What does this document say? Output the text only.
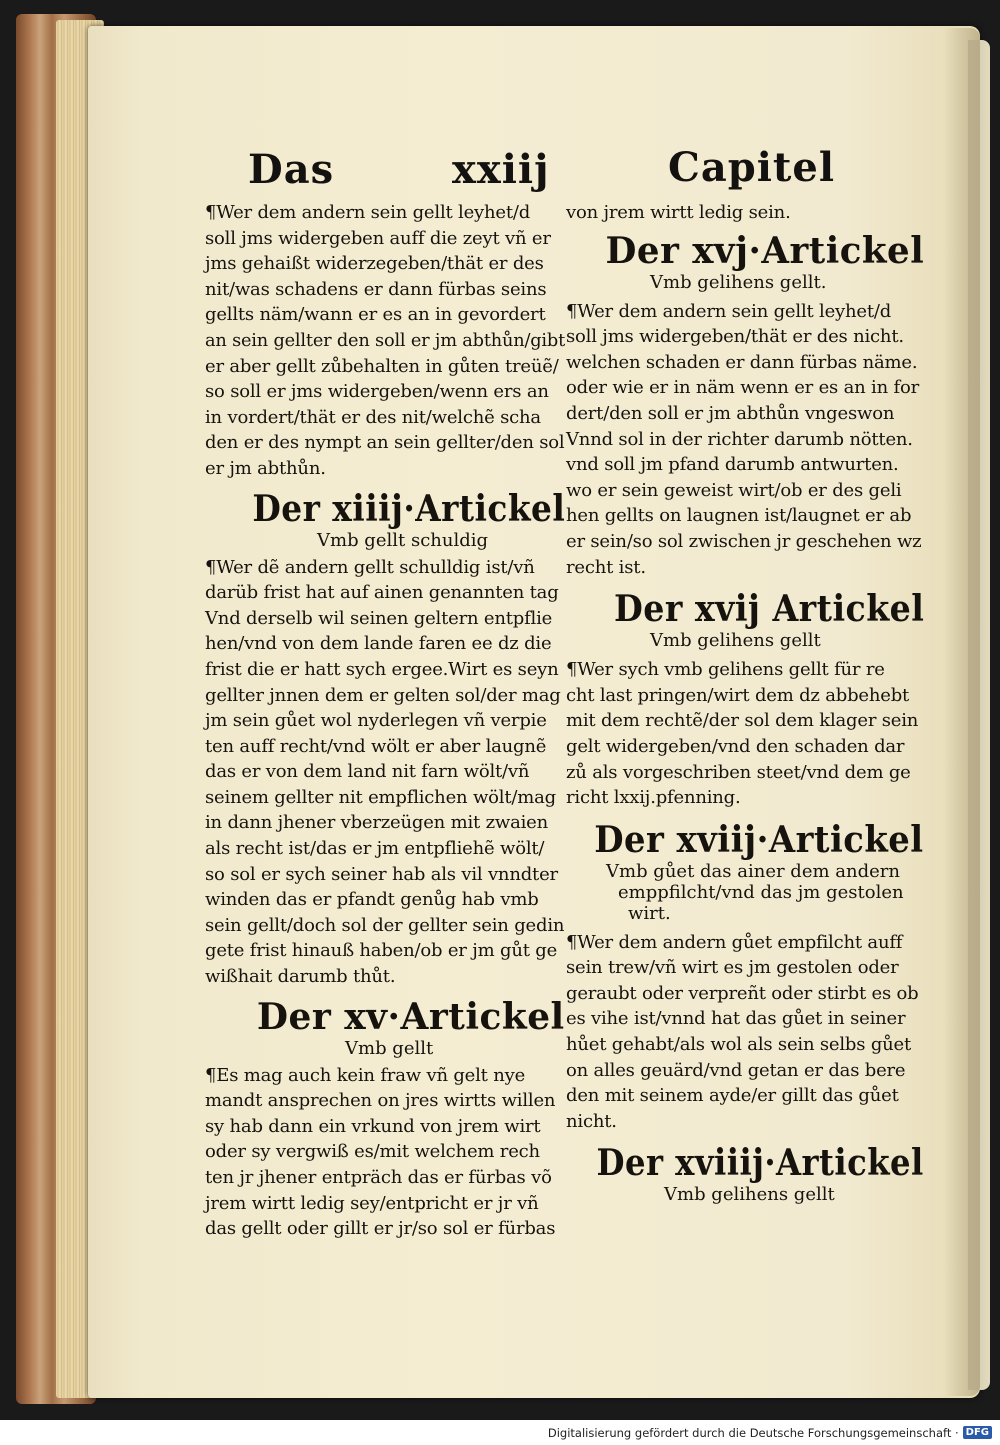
Das	xxiij	Capitel
¶Wer dem andern sein gellt leyhet/d
soll jms widergeben auff die zeyt vñ er
jms gehaißt widerzegeben/thät er des
nit/was schadens er dann fürbas seins
gellts näm/wann er es an in gevordert
an sein gellter den soll er jm abthůn/gibt
er aber gellt zůbehalten in gůten treüẽ/
so soll er jms widergeben/wenn ers an
in vordert/thät er des nit/welchẽ scha
den er des nympt an sein gellter/den sol
er jm abthůn.
Der xiiij·Artickel
Vmb gellt schuldig
¶Wer dẽ andern gellt schulldig ist/vñ
darüb frist hat auf ainen genannten tag
Vnd derselb wil seinen geltern entpflie
hen/vnd von dem lande faren ee dz die
frist die er hatt sych ergee.Wirt es seyn
gellter jnnen dem er gelten sol/der mag
jm sein gůet wol nyderlegen vñ verpie
ten auff recht/vnd wölt er aber laugnẽ
das er von dem land nit farn wölt/vñ
seinem gellter nit empflichen wölt/mag
in dann jhener vberzeügen mit zwaien
als recht ist/das er jm entpfliehẽ wölt/
so sol er sych seiner hab als vil vnndter
winden das er pfandt genůg hab vmb
sein gellt/doch sol der gellter sein gedin
gete frist hinauß haben/ob er jm gůt ge
wißhait darumb thůt.
Der xv·Artickel
Vmb gellt
¶Es mag auch kein fraw vñ gelt nye
mandt ansprechen on jres wirtts willen
sy hab dann ein vrkund von jrem wirt
oder sy vergwiß es/mit welchem rech
ten jr jhener entpräch das er fürbas võ
jrem wirtt ledig sey/entpricht er jr vñ
das gellt oder gillt er jr/so sol er fürbas
von jrem wirtt ledig sein.
Der xvj·Artickel
Vmb gelihens gellt.
¶Wer dem andern sein gellt leyhet/d
soll jms widergeben/thät er des nicht.
welchen schaden er dann fürbas näme.
oder wie er in näm wenn er es an in for
dert/den soll er jm abthůn vngeswon
Vnnd sol in der richter darumb nötten.
vnd soll jm pfand darumb antwurten.
wo er sein geweist wirt/ob er des geli
hen gellts on laugnen ist/laugnet er ab
er sein/so sol zwischen jr geschehen wz
recht ist.
Der xvij Artickel
Vmb gelihens gellt
¶Wer sych vmb gelihens gellt für re
cht last pringen/wirt dem dz abbehebt
mit dem rechtẽ/der sol dem klager sein
gelt widergeben/vnd den schaden dar
zů als vorgeschriben steet/vnd dem ge
richt lxxij.pfenning.
Der xviij·Artickel
Vmb gůet das ainer dem andern
emppfilcht/vnd das jm gestolen
wirt.
¶Wer dem andern gůet empfilcht auff
sein trew/vñ wirt es jm gestolen oder
geraubt oder verpreñt oder stirbt es ob
es vihe ist/vnnd hat das gůet in seiner
hůet gehabt/als wol als sein selbs gůet
on alles geuärd/vnd getan er das bere
den mit seinem ayde/er gillt das gůet
nicht.
Der xviiij·Artickel
Vmb gelihens gellt
Digitalisierung gefördert durch die Deutsche Forschungsgemeinschaft · DFG
